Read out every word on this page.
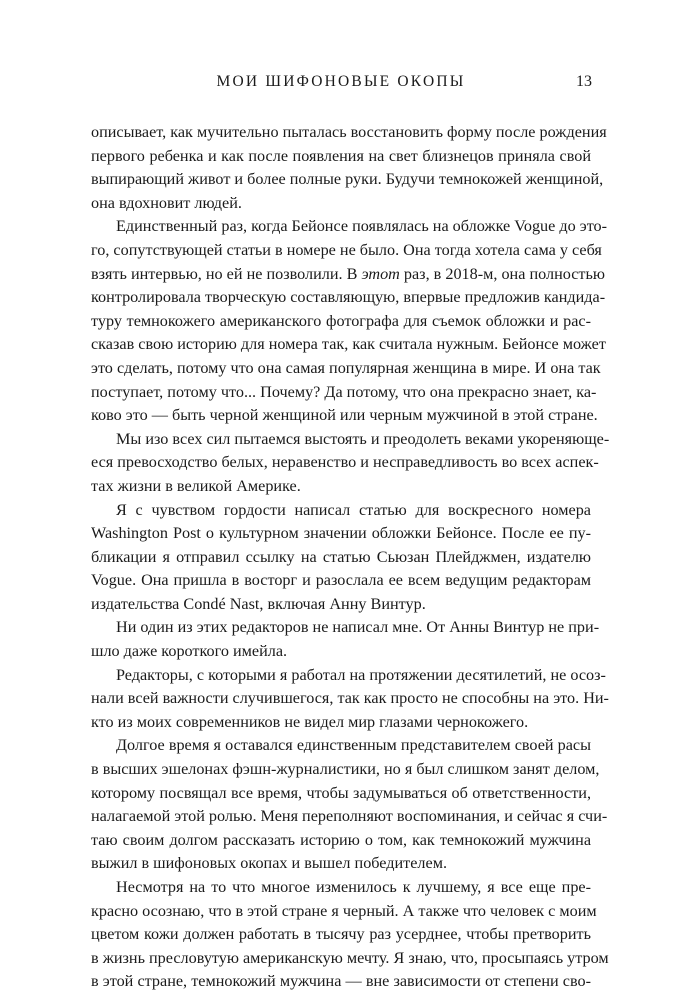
МОИ ШИФОНОВЫЕ ОКОПЫ	13
описывает, как мучительно пыталась восстановить форму после рождения
первого ребенка и как после появления на свет близнецов приняла свой
выпирающий живот и более полные руки. Будучи темнокожей женщиной,
она вдохновит людей.
Единственный раз, когда Бейонсе появлялась на обложке Vogue до это-
го, сопутствующей статьи в номере не было. Она тогда хотела сама у себя
взять интервью, но ей не позволили. В этот раз, в 2018-м, она полностью
контролировала творческую составляющую, впервые предложив кандида-
туру темнокожего американского фотографа для съемок обложки и рас-
сказав свою историю для номера так, как считала нужным. Бейонсе может
это сделать, потому что она самая популярная женщина в мире. И она так
поступает, потому что... Почему? Да потому, что она прекрасно знает, ка-
ково это — быть черной женщиной или черным мужчиной в этой стране.
Мы изо всех сил пытаемся выстоять и преодолеть веками укореняюще-
еся превосходство белых, неравенство и несправедливость во всех аспек-
тах жизни в великой Америке.
Я с чувством гордости написал статью для воскресного номера
Washington Post о культурном значении обложки Бейонсе. После ее пу-
бликации я отправил ссылку на статью Сьюзан Плейджмен, издателю
Vogue. Она пришла в восторг и разослала ее всем ведущим редакторам
издательства Condé Nast, включая Анну Винтур.
Ни один из этих редакторов не написал мне. От Анны Винтур не при-
шло даже короткого имейла.
Редакторы, с которыми я работал на протяжении десятилетий, не осоз-
нали всей важности случившегося, так как просто не способны на это. Ни-
кто из моих современников не видел мир глазами чернокожего.
Долгое время я оставался единственным представителем своей расы
в высших эшелонах фэшн-журналистики, но я был слишком занят делом,
которому посвящал все время, чтобы задумываться об ответственности,
налагаемой этой ролью. Меня переполняют воспоминания, и сейчас я счи-
таю своим долгом рассказать историю о том, как темнокожий мужчина
выжил в шифоновых окопах и вышел победителем.
Несмотря на то что многое изменилось к лучшему, я все еще пре-
красно осознаю, что в этой стране я черный. А также что человек с моим
цветом кожи должен работать в тысячу раз усерднее, чтобы претворить
в жизнь пресловутую американскую мечту. Я знаю, что, просыпаясь утром
в этой стране, темнокожий мужчина — вне зависимости от степени сво-
